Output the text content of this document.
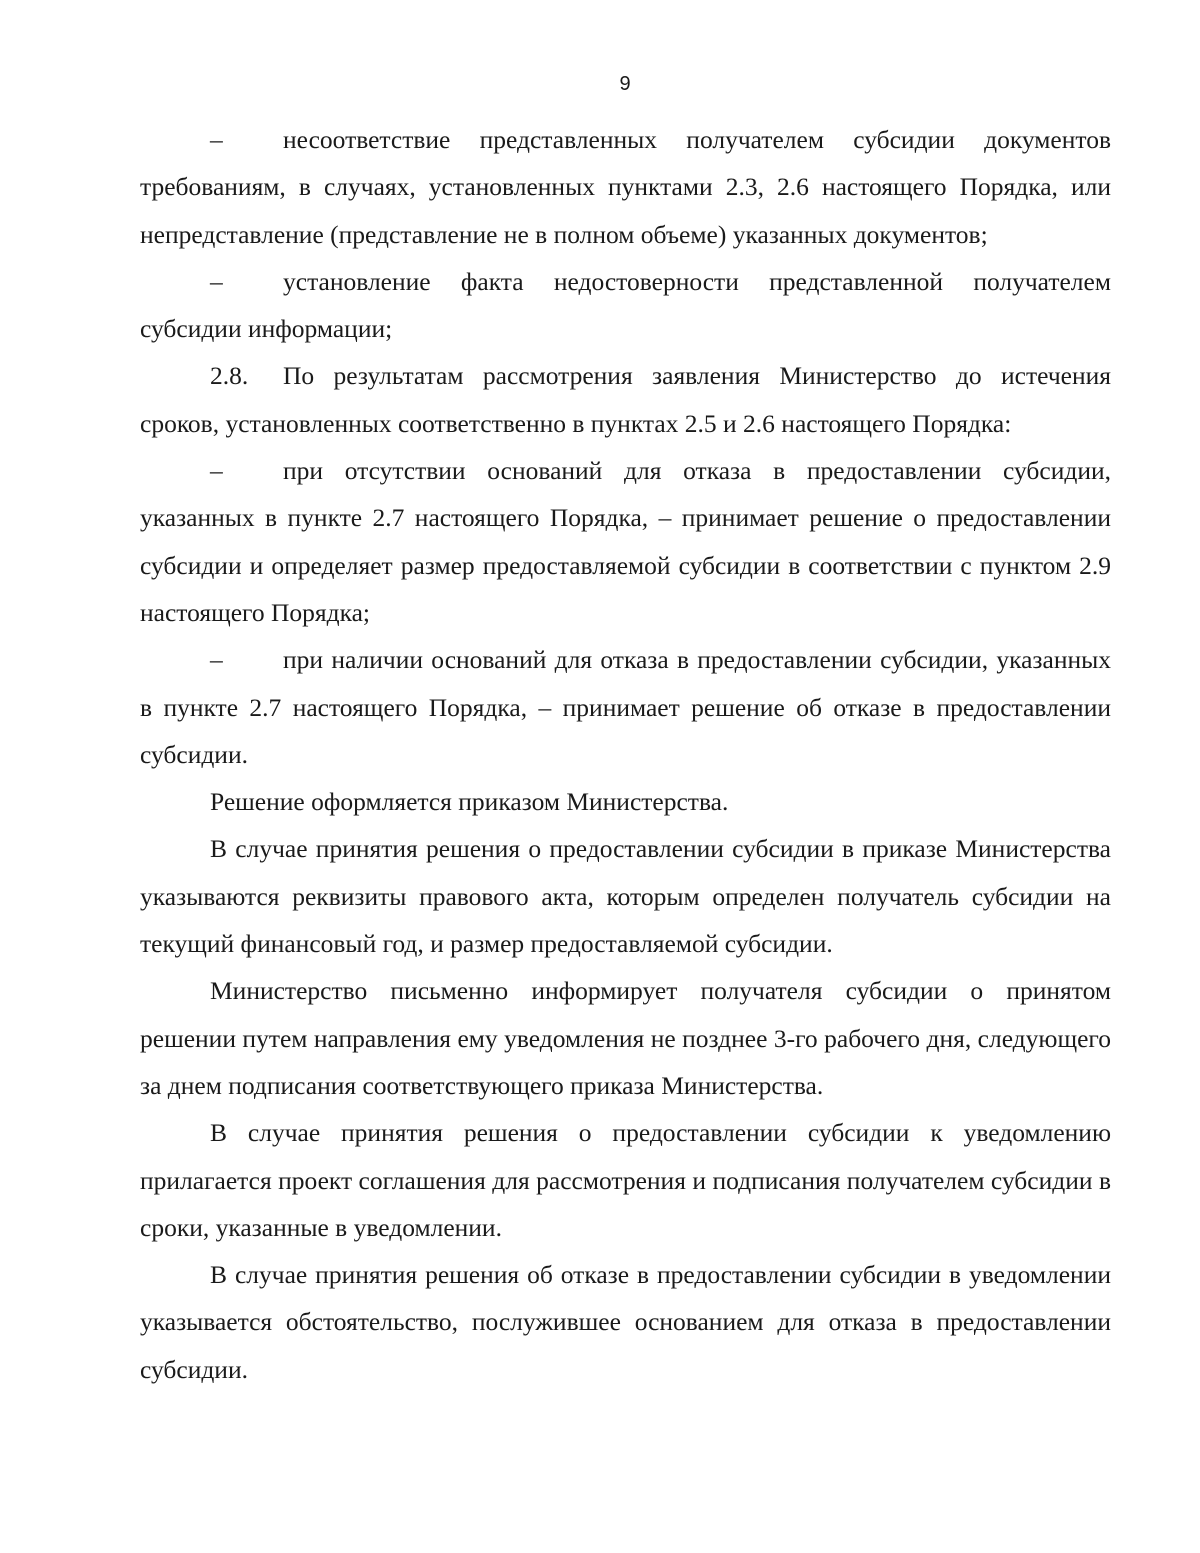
9

– несоответствие представленных получателем субсидии документов требованиям, в случаях, установленных пунктами 2.3, 2.6 настоящего Порядка, или непредставление (представление не в полном объеме) указанных документов;

– установление факта недостоверности представленной получателем субсидии информации;

2.8. По результатам рассмотрения заявления Министерство до истечения сроков, установленных соответственно в пунктах 2.5 и 2.6 настоящего Порядка:

– при отсутствии оснований для отказа в предоставлении субсидии, указанных в пункте 2.7 настоящего Порядка, – принимает решение о предоставлении субсидии и определяет размер предоставляемой субсидии в соответствии с пунктом 2.9 настоящего Порядка;

– при наличии оснований для отказа в предоставлении субсидии, указанных в пункте 2.7 настоящего Порядка, – принимает решение об отказе в предоставлении субсидии.

Решение оформляется приказом Министерства.

В случае принятия решения о предоставлении субсидии в приказе Министерства указываются реквизиты правового акта, которым определен получатель субсидии на текущий финансовый год, и размер предоставляемой субсидии.

Министерство письменно информирует получателя субсидии о принятом решении путем направления ему уведомления не позднее 3-го рабочего дня, следующего за днем подписания соответствующего приказа Министерства.

В случае принятия решения о предоставлении субсидии к уведомлению прилагается проект соглашения для рассмотрения и подписания получателем субсидии в сроки, указанные в уведомлении.

В случае принятия решения об отказе в предоставлении субсидии в уведомлении указывается обстоятельство, послужившее основанием для отказа в предоставлении субсидии.
